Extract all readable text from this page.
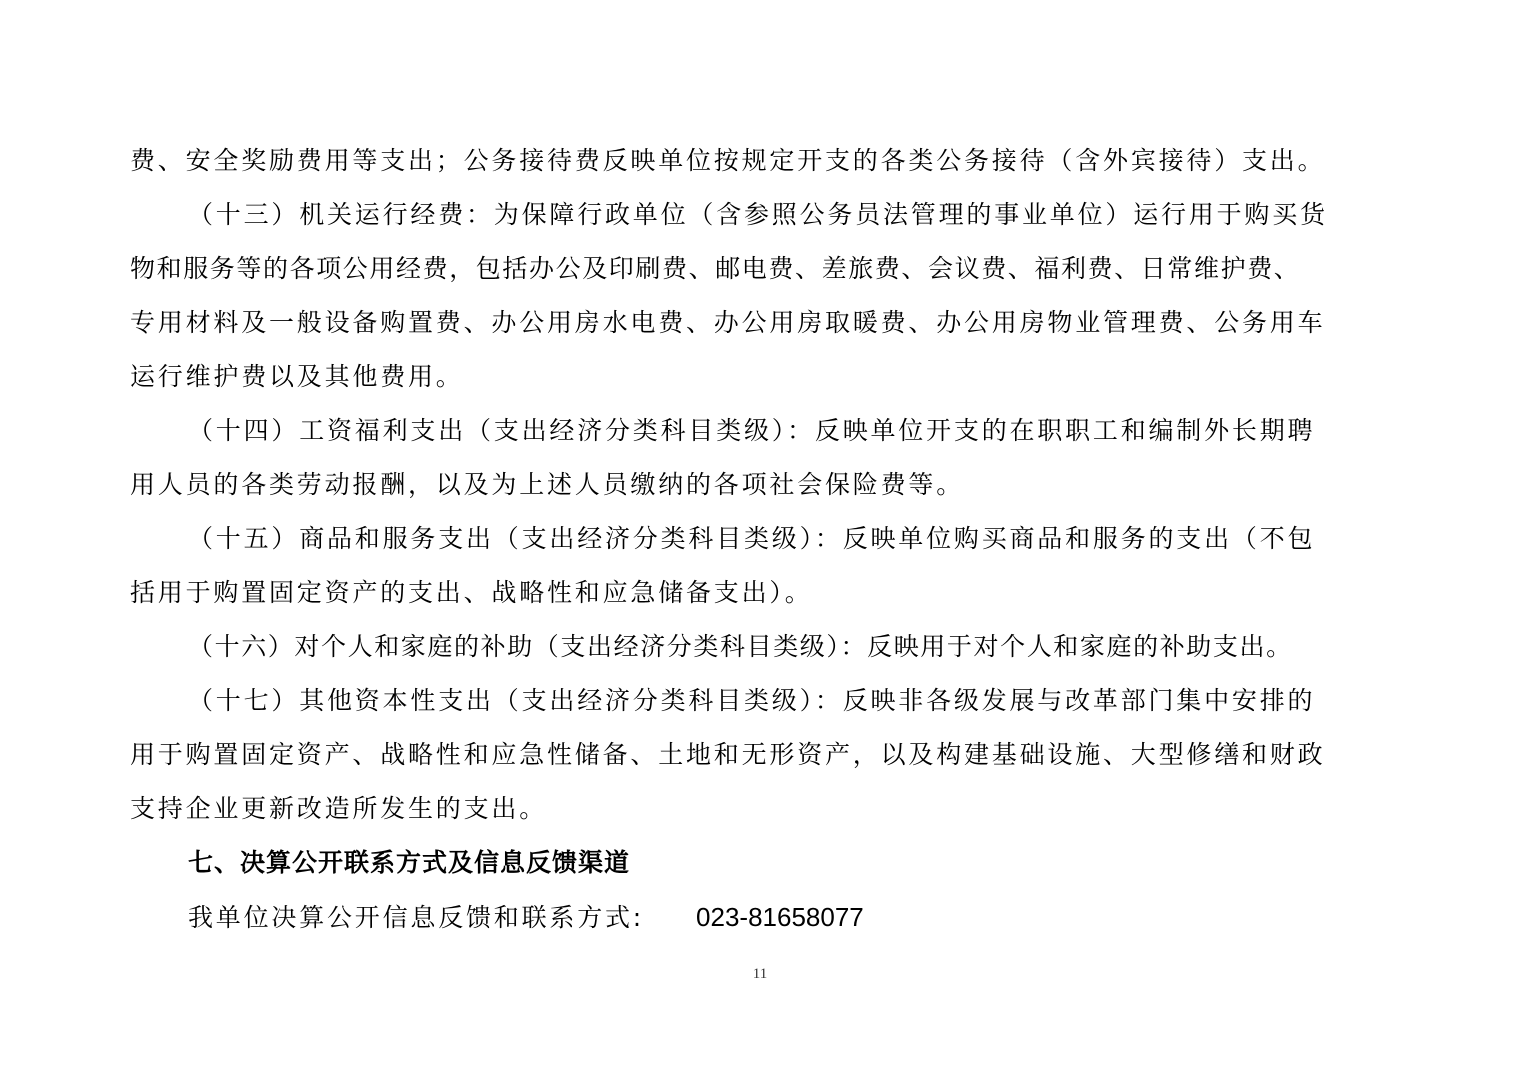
费、安全奖励费用等支出；公务接待费反映单位按规定开支的各类公务接待（含外宾接待）支出。
（十三）机关运行经费：为保障行政单位（含参照公务员法管理的事业单位）运行用于购买货
物和服务等的各项公用经费，包括办公及印刷费、邮电费、差旅费、会议费、福利费、日常维护费、
专用材料及一般设备购置费、办公用房水电费、办公用房取暖费、办公用房物业管理费、公务用车
运行维护费以及其他费用。
（十四）工资福利支出（支出经济分类科目类级）：反映单位开支的在职职工和编制外长期聘
用人员的各类劳动报酬，以及为上述人员缴纳的各项社会保险费等。
（十五）商品和服务支出（支出经济分类科目类级）：反映单位购买商品和服务的支出（不包
括用于购置固定资产的支出、战略性和应急储备支出）。
（十六）对个人和家庭的补助（支出经济分类科目类级）：反映用于对个人和家庭的补助支出。
（十七）其他资本性支出（支出经济分类科目类级）：反映非各级发展与改革部门集中安排的
用于购置固定资产、战略性和应急性储备、土地和无形资产，以及构建基础设施、大型修缮和财政
支持企业更新改造所发生的支出。
七、决算公开联系方式及信息反馈渠道
我单位决算公开信息反馈和联系方式: 023-81658077
11
